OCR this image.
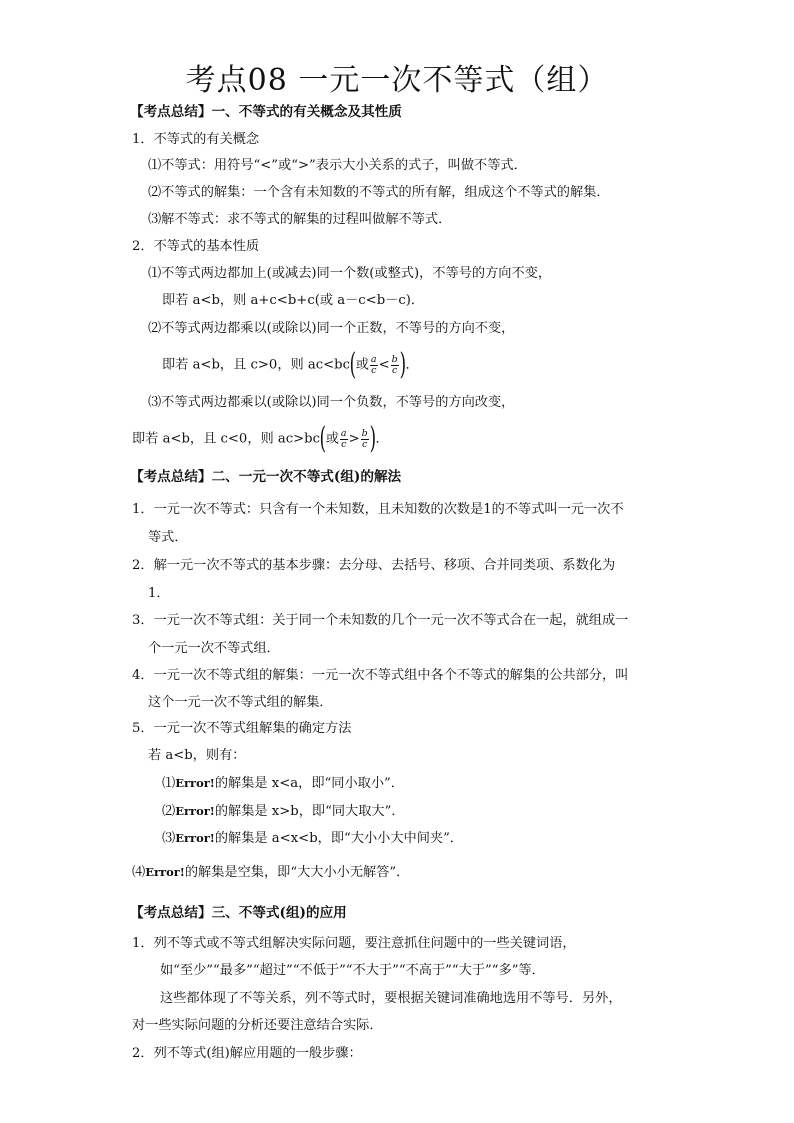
考点08 一元一次不等式（组）
【考点总结】一、不等式的有关概念及其性质
1．不等式的有关概念
⑴不等式：用符号“<”或“>”表示大小关系的式子，叫做不等式．
⑵不等式的解集：一个含有未知数的不等式的所有解，组成这个不等式的解集．
⑶解不等式：求不等式的解集的过程叫做解不等式．
2．不等式的基本性质
⑴不等式两边都加上(或减去)同一个数(或整式)，不等号的方向不变，
即若 a<b，则 a+c<b+c(或 a－c<b－c)．
⑵不等式两边都乘以(或除以)同一个正数，不等号的方向不变，
即若 a<b，且 c>0，则 ac<bc(或 $\frac{a}{c} < \frac{b}{c}$ )．
⑶不等式两边都乘以(或除以)同一个负数，不等号的方向改变，
即若 a<b，且 c<0，则 ac>bc(或 $\frac{a}{c} > \frac{b}{c}$ )．
【考点总结】二、一元一次不等式(组)的解法
1．一元一次不等式：只含有一个未知数，且未知数的次数是1的不等式叫一元一次不
等式．
2．解一元一次不等式的基本步骤：去分母、去括号、移项、合并同类项、系数化为
1．
3．一元一次不等式组：关于同一个未知数的几个一元一次不等式合在一起，就组成一
个一元一次不等式组．
4．一元一次不等式组的解集：一元一次不等式组中各个不等式的解集的公共部分，叫
这个一元一次不等式组的解集．
5．一元一次不等式组解集的确定方法
若 a<b，则有：
⑴Error!的解集是 x<a，即“同小取小”．
⑵Error!的解集是 x>b，即“同大取大”．
⑶Error!的解集是 a<x<b，即“大小小大中间夹”．
⑷Error!的解集是空集，即“大大小小无解答”．
【考点总结】三、不等式(组)的应用
1．列不等式或不等式组解决实际问题，要注意抓住问题中的一些关键词语，
如“至少”“最多”“超过”“不低于”“不大于”“不高于”“大于”“多”等．
这些都体现了不等关系，列不等式时，要根据关键词准确地选用不等号．另外，
对一些实际问题的分析还要注意结合实际．
2．列不等式(组)解应用题的一般步骤：
